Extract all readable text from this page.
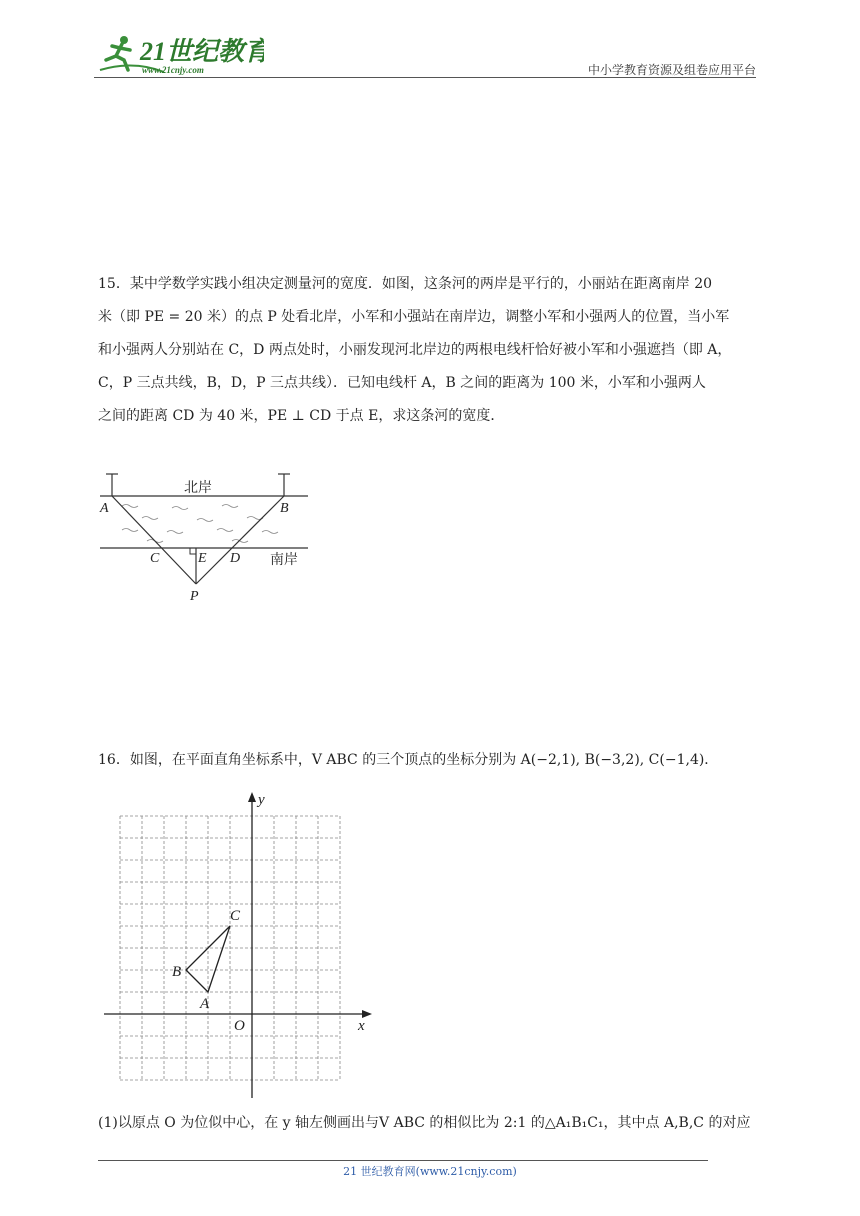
21世纪教育
www.21cnjy.com	中小学教育资源及组卷应用平台
15．某中学数学实践小组决定测量河的宽度．如图，这条河的两岸是平行的，小丽站在距离南岸 20
米（即 PE = 20 米）的点 P 处看北岸，小军和小强站在南岸边，调整小军和小强两人的位置，当小军
和小强两人分别站在 C，D 两点处时，小丽发现河北岸边的两根电线杆恰好被小军和小强遮挡（即 A，
C，P 三点共线，B，D，P 三点共线）．已知电线杆 A，B 之间的距离为 100 米，小军和小强两人
之间的距离 CD 为 40 米，PE ⊥ CD 于点 E，求这条河的宽度．
北岸
南岸
A	B
C	E D
P
16．如图，在平面直角坐标系中，V ABC 的三个顶点的坐标分别为 A(−2,1), B(−3,2), C(−1,4)．
x
y
O
A
B
C
(1)以原点 O 为位似中心，在 y 轴左侧画出与V ABC 的相似比为 2:1 的△A₁B₁C₁，其中点 A,B,C 的对应
21 世纪教育网(www.21cnjy.com)
